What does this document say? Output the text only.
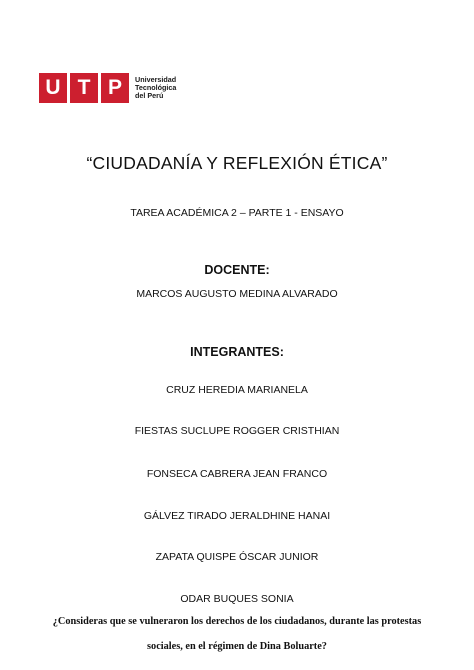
U T P	Universidad
Tecnológica
del Perú
“CIUDADANÍA Y REFLEXIÓN ÉTICA”
TAREA ACADÉMICA 2 – PARTE 1 - ENSAYO
DOCENTE:
MARCOS AUGUSTO MEDINA ALVARADO
INTEGRANTES:
CRUZ HEREDIA MARIANELA
FIESTAS SUCLUPE ROGGER CRISTHIAN
FONSECA CABRERA JEAN FRANCO
GÁLVEZ TIRADO JERALDHINE HANAI
ZAPATA QUISPE ÓSCAR JUNIOR
ODAR BUQUES SONIA
¿Consideras que se vulneraron los derechos de los ciudadanos, durante las protestas sociales, en el régimen de Dina Boluarte?
